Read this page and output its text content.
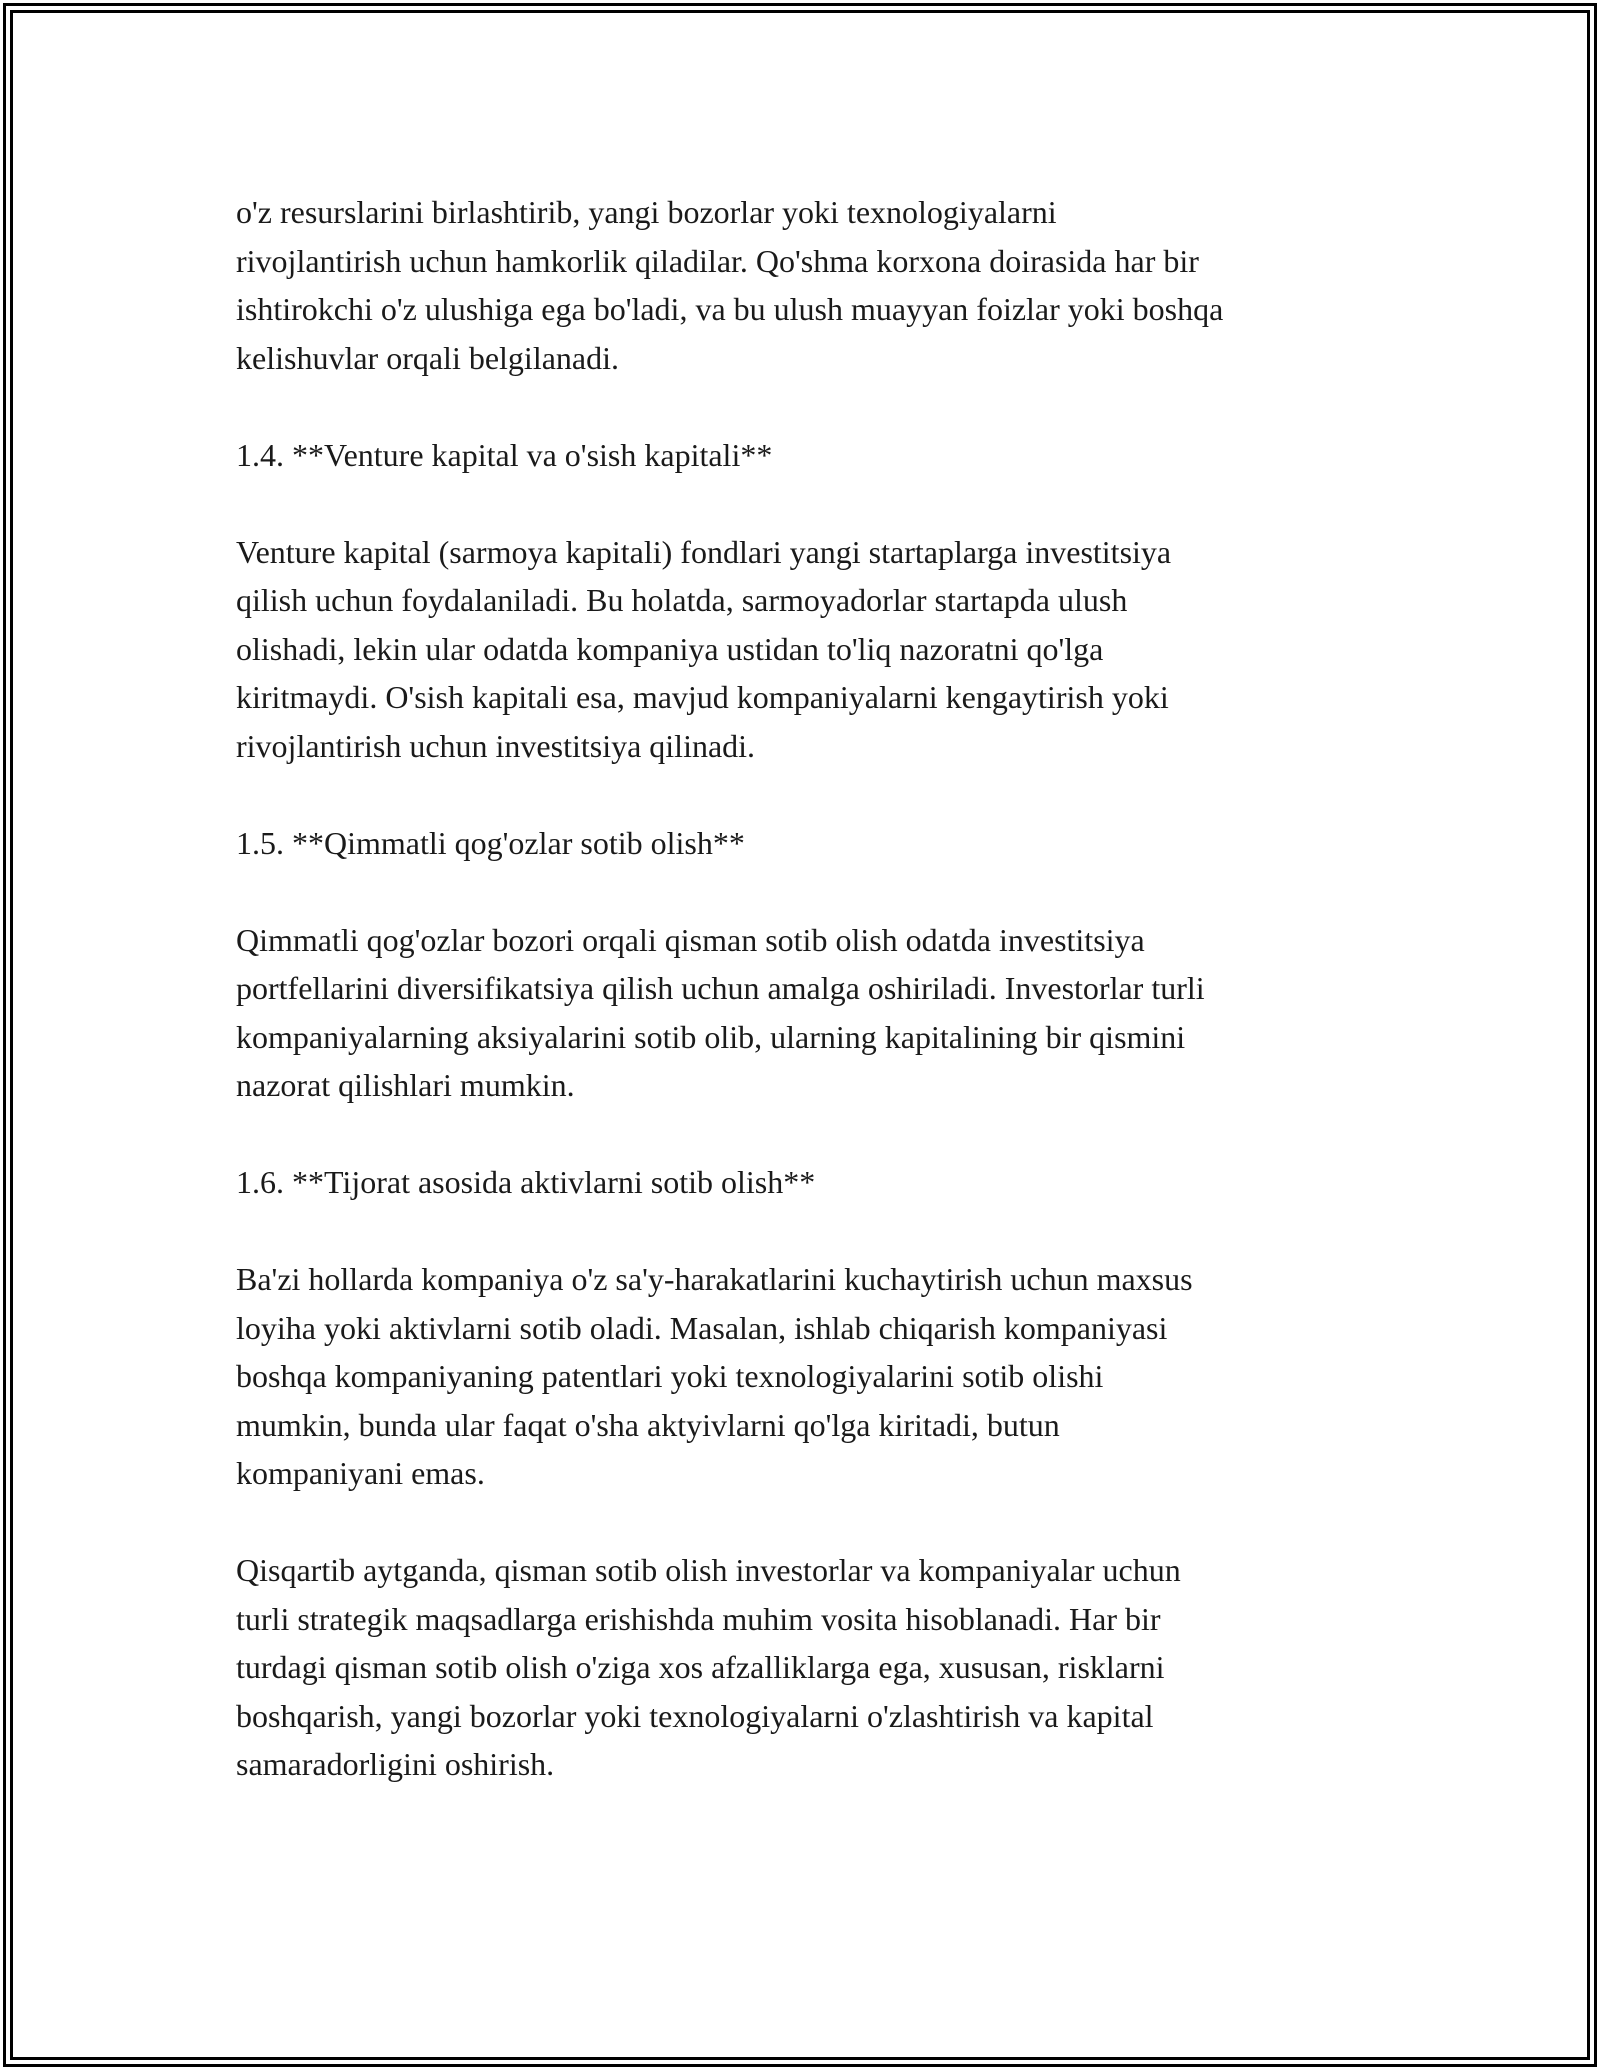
o'z resurslarini birlashtirib, yangi bozorlar yoki texnologiyalarni
rivojlantirish uchun hamkorlik qiladilar. Qo'shma korxona doirasida har bir
ishtirokchi o'z ulushiga ega bo'ladi, va bu ulush muayyan foizlar yoki boshqa
kelishuvlar orqali belgilanadi.

1.4. **Venture kapital va o'sish kapitali**

Venture kapital (sarmoya kapitali) fondlari yangi startaplarga investitsiya
qilish uchun foydalaniladi. Bu holatda, sarmoyadorlar startapda ulush
olishadi, lekin ular odatda kompaniya ustidan to'liq nazoratni qo'lga
kiritmaydi. O'sish kapitali esa, mavjud kompaniyalarni kengaytirish yoki
rivojlantirish uchun investitsiya qilinadi.

1.5. **Qimmatli qog'ozlar sotib olish**

Qimmatli qog'ozlar bozori orqali qisman sotib olish odatda investitsiya
portfellarini diversifikatsiya qilish uchun amalga oshiriladi. Investorlar turli
kompaniyalarning aksiyalarini sotib olib, ularning kapitalining bir qismini
nazorat qilishlari mumkin.

1.6. **Tijorat asosida aktivlarni sotib olish**

Ba'zi hollarda kompaniya o'z sa'y-harakatlarini kuchaytirish uchun maxsus
loyiha yoki aktivlarni sotib oladi. Masalan, ishlab chiqarish kompaniyasi
boshqa kompaniyaning patentlari yoki texnologiyalarini sotib olishi
mumkin, bunda ular faqat o'sha aktyivlarni qo'lga kiritadi, butun
kompaniyani emas.

Qisqartib aytganda, qisman sotib olish investorlar va kompaniyalar uchun
turli strategik maqsadlarga erishishda muhim vosita hisoblanadi. Har bir
turdagi qisman sotib olish o'ziga xos afzalliklarga ega, xususan, risklarni
boshqarish, yangi bozorlar yoki texnologiyalarni o'zlashtirish va kapital
samaradorligini oshirish.
